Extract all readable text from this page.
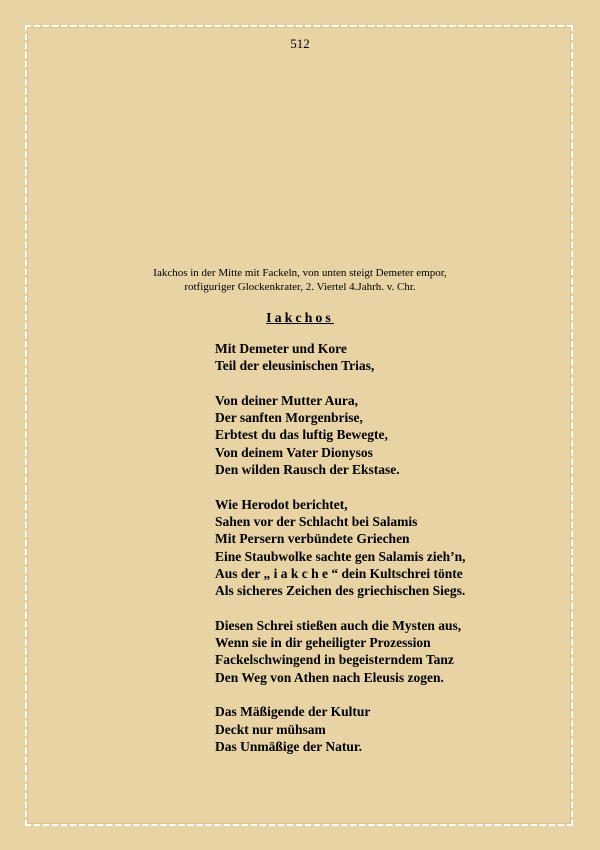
512
Iakchos in der Mitte mit Fackeln, von unten steigt Demeter empor,
rotfiguriger Glockenkrater, 2. Viertel 4.Jahrh. v. Chr.
Iakchos
Mit Demeter und Kore
Teil der eleusinischen Trias,
Von deiner Mutter Aura,
Der sanften Morgenbrise,
Erbtest du das luftig Bewegte,
Von deinem Vater Dionysos
Den wilden Rausch der Ekstase.
Wie Herodot berichtet,
Sahen vor der Schlacht bei Salamis
Mit Persern verbündete Griechen
Eine Staubwolke sachte gen Salamis zieh’n,
Aus der „ i a k c h e “ dein Kultschrei tönte
Als sicheres Zeichen des griechischen Siegs.
Diesen Schrei stießen auch die Mysten aus,
Wenn sie in dir geheiligter Prozession
Fackelschwingend in begeisterndem Tanz
Den Weg von Athen nach Eleusis zogen.
Das Mäßigende der Kultur
Deckt nur mühsam
Das Unmäßige der Natur.
